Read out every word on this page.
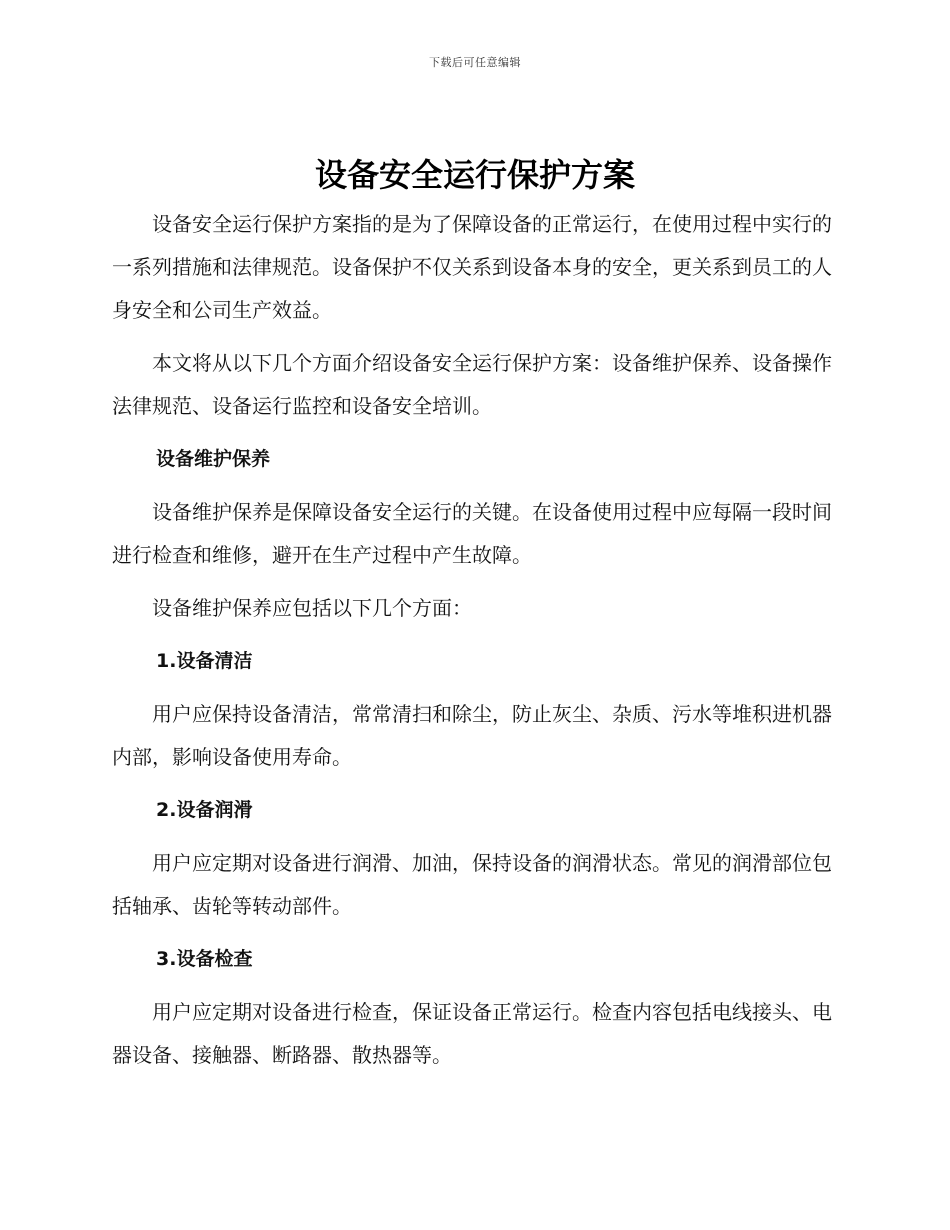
下载后可任意编辑
设备安全运行保护方案

设备安全运行保护方案指的是为了保障设备的正常运行，在使用过程中实行的一系列措施和法律规范。设备保护不仅关系到设备本身的安全，更关系到员工的人身安全和公司生产效益。

本文将从以下几个方面介绍设备安全运行保护方案：设备维护保养、设备操作法律规范、设备运行监控和设备安全培训。

设备维护保养

设备维护保养是保障设备安全运行的关键。在设备使用过程中应每隔一段时间进行检查和维修，避开在生产过程中产生故障。

设备维护保养应包括以下几个方面：

1.设备清洁

用户应保持设备清洁，常常清扫和除尘，防止灰尘、杂质、污水等堆积进机器内部，影响设备使用寿命。

2.设备润滑

用户应定期对设备进行润滑、加油，保持设备的润滑状态。常见的润滑部位包括轴承、齿轮等转动部件。

3.设备检查

用户应定期对设备进行检查，保证设备正常运行。检查内容包括电线接头、电器设备、接触器、断路器、散热器等。
